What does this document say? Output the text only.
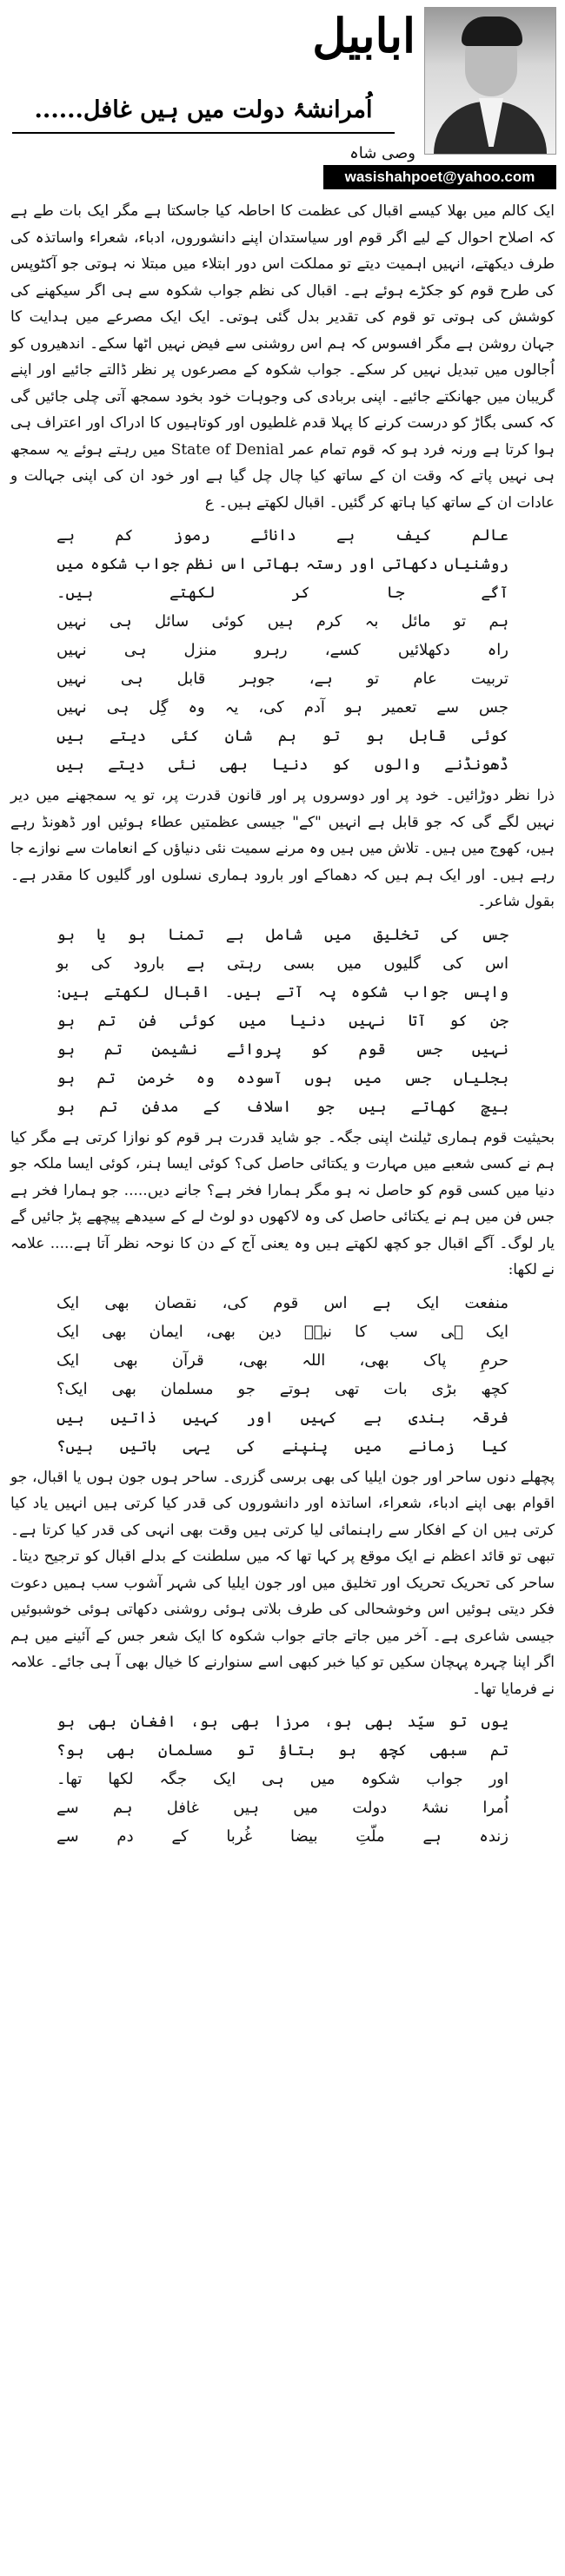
ابابیل
اُمرانشۂ دولت میں ہیں غافل......
وصی شاہ
wasishahpoet@yahoo.com

ایک کالم میں بھلا کیسے اقبال کی عظمت کا احاطہ کیا جاسکتا ہے مگر ایک بات طے ہے کہ اصلاح احوال کے لیے اگر قوم اور سیاستدان اپنے دانشوروں، ادباء، شعراء واساتذہ کی طرف دیکھتے، انہیں اہمیت دیتے تو مملکت اس دور ابتلاء میں مبتلا نہ ہوتی جو آکٹوپس کی طرح قوم کو جکڑے ہوئے ہے۔ اقبال کی نظم جواب شکوہ سے ہی اگر سیکھنے کی کوشش کی ہوتی تو قوم کی تقدیر بدل گئی ہوتی۔ ایک ایک مصرعے میں ہدایت کا جہان روشن ہے مگر افسوس کہ ہم اس روشنی سے فیض نہیں اٹھا سکے۔ اندھیروں کو اُجالوں میں تبدیل نہیں کر سکے۔ جواب شکوہ کے مصرعوں پر نظر ڈالتے جائیے اور اپنے گریبان میں جھانکتے جائیے۔ اپنی بربادی کی وجوہات خود بخود سمجھ آتی چلی جائیں گی کہ کسی بگاڑ کو درست کرنے کا پہلا قدم غلطیوں اور کوتاہیوں کا ادراک اور اعتراف ہی ہوا کرتا ہے ورنہ فرد ہو کہ قوم تمام عمر State of Denial میں رہتے ہوئے یہ سمجھ ہی نہیں پاتے کہ وقت ان کے ساتھ کیا چال چل گیا ہے اور خود ان کی اپنی جہالت و عادات ان کے ساتھ کیا ہاتھ کر گئیں۔ اقبال لکھتے ہیں۔ ع

عالم کیف ہے دانائے رموز کم ہے
روشنیاں دکھاتی اور رستہ بھاتی اس نظم جواب شکوہ میں آگے جا کر لکھتے ہیں۔
ہم تو مائل بہ کرم ہیں کوئی سائل ہی نہیں
راہ دکھلائیں کسے، رہرو منزل ہی نہیں
تربیت عام تو ہے، جوہر قابل ہی نہیں
جس سے تعمیر ہو آدم کی، یہ وہ گِل ہی نہیں
کوئی قابل ہو تو ہم شان کئی دیتے ہیں
ڈھونڈنے والوں کو دنیا بھی نئی دیتے ہیں

ذرا نظر دوڑائیں۔ خود پر اور دوسروں پر اور قانون قدرت پر، تو یہ سمجھنے میں دیر نہیں لگے گی کہ جو قابل ہے انہیں "کے" جیسی عظمتیں عطاء ہوئیں اور ڈھونڈ رہے ہیں، کھوج میں ہیں۔ تلاش میں ہیں وہ مرنے سمیت نئی دنیاؤں کے انعامات سے نوازے جا رہے ہیں۔ اور ایک ہم ہیں کہ دھماکے اور بارود ہماری نسلوں اور گلیوں کا مقدر ہے۔ بقول شاعر۔

جس کی تخلیق میں شامل ہے تمنا ہو یا ہو
اس کی گلیوں میں بسی رہتی ہے بارود کی بو
واپس جواب شکوہ پہ آتے ہیں۔ اقبال لکھتے ہیں:
جن کو آتا نہیں دنیا میں کوئی فن تم ہو
نہیں جس قوم کو پروائے نشیمن تم ہو
بجلیاں جس میں ہوں آسودہ وہ خرمن تم ہو
بیچ کھاتے ہیں جو اسلاف کے مدفن تم ہو

بحیثیت قوم ہماری ٹیلنٹ اپنی جگہ۔ جو شاید قدرت ہر قوم کو نوازا کرتی ہے مگر کیا ہم نے کسی شعبے میں مہارت و یکتائی حاصل کی؟ کوئی ایسا ہنر، کوئی ایسا ملکہ جو دنیا میں کسی قوم کو حاصل نہ ہو مگر ہمارا فخر ہے؟ جانے دیں..... جو ہمارا فخر ہے جس فن میں ہم نے یکتائی حاصل کی وہ لاکھوں دو لوٹ لے کے سیدھے پیچھے پڑ جائیں گے یار لوگ۔ آگے اقبال جو کچھ لکھتے ہیں وہ یعنی آج کے دن کا نوحہ نظر آتا ہے..... علامہ نے لکھا:

منفعت ایک ہے اس قوم کی، نقصان بھی ایک
ایک ہی سب کا نبیؐ دین بھی، ایمان بھی ایک
حرمِ پاک بھی، اللہ بھی، قرآن بھی ایک
کچھ بڑی بات تھی ہوتے جو مسلمان بھی ایک؟
فرقہ بندی ہے کہیں اور کہیں ذاتیں ہیں
کیا زمانے میں پنپنے کی یہی باتیں ہیں؟

پچھلے دنوں ساحر اور جون ایلیا کی بھی برسی گزری۔ ساحر ہوں جون ہوں یا اقبال، جو اقوام بھی اپنے ادباء، شعراء، اساتذہ اور دانشوروں کی قدر کیا کرتی ہیں انہیں یاد کیا کرتی ہیں ان کے افکار سے راہنمائی لیا کرتی ہیں وقت بھی انہی کی قدر کیا کرتا ہے۔ تبھی تو قائد اعظم نے ایک موقع پر کہا تھا کہ میں سلطنت کے بدلے اقبال کو ترجیح دیتا۔ ساحر کی تحریک تحریک اور تخلیق میں اور جون ایلیا کی شہر آشوب سب ہمیں دعوت فکر دیتی ہوئیں اس وخوشحالی کی طرف بلاتی ہوئی روشنی دکھاتی ہوئی خوشبوئیں جیسی شاعری ہے۔ آخر میں جاتے جاتے جواب شکوہ کا ایک شعر جس کے آئینے میں ہم اگر اپنا چہرہ پہچان سکیں تو کیا خبر کبھی اسے سنوارنے کا خیال بھی آ ہی جائے۔ علامہ نے فرمایا تھا۔

یوں تو سیّد بھی ہو، مرزا بھی ہو، افغان بھی ہو
تم سبھی کچھ ہو بتاؤ تو مسلمان بھی ہو؟
اور جواب شکوہ میں ہی ایک جگہ لکھا تھا۔
اُمرا نشۂ دولت میں ہیں غافل ہم سے
زندہ ہے ملّتِ بیضا غُربا کے دم سے
